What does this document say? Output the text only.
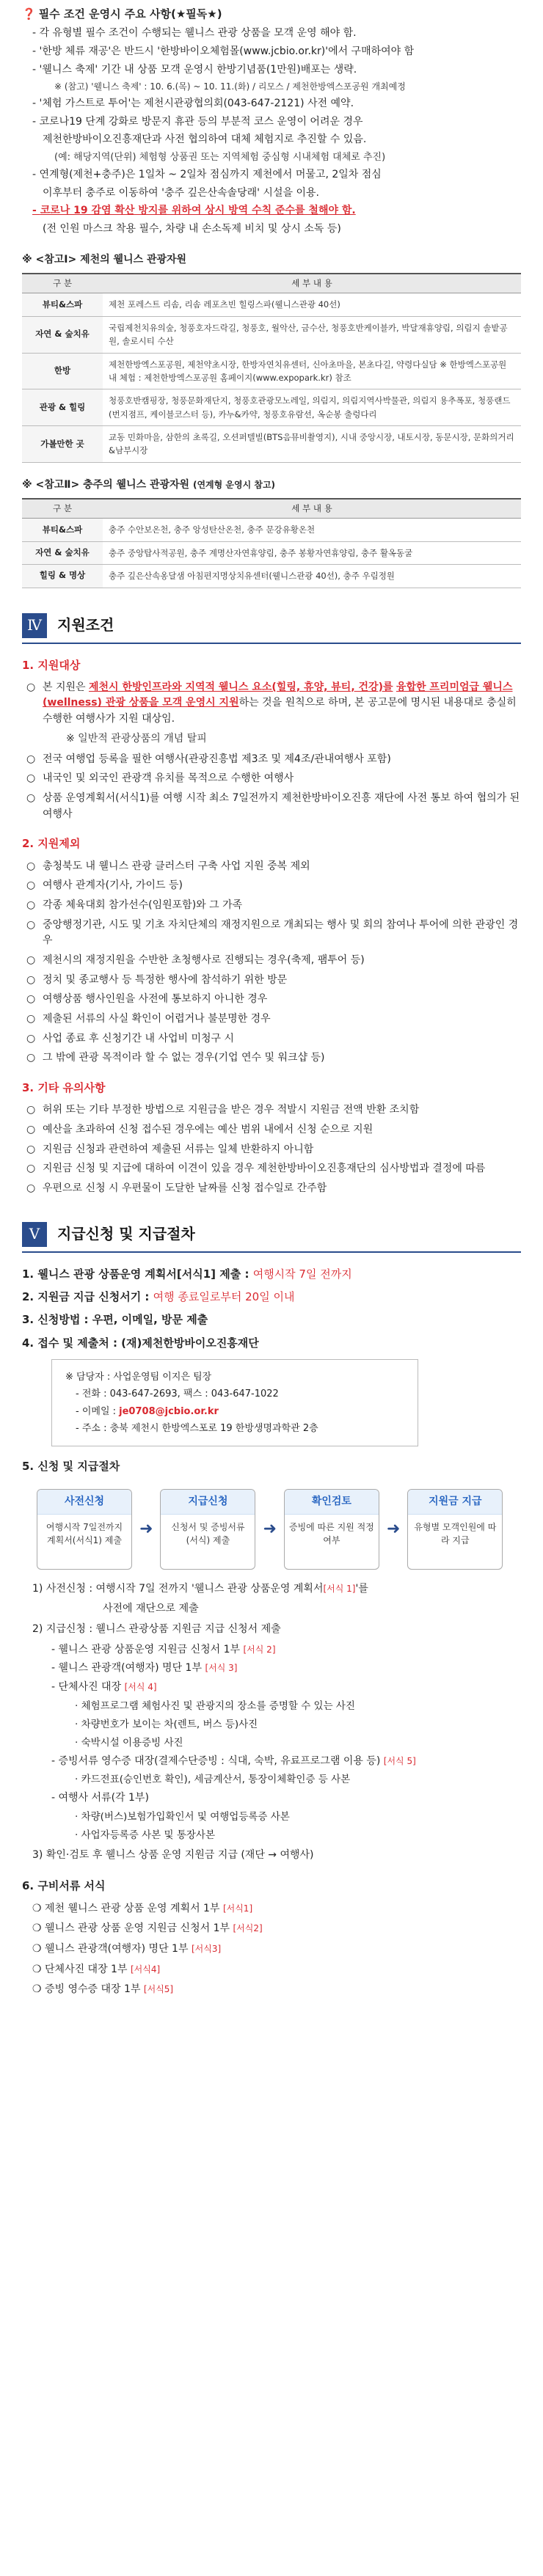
❓ 필수 조건 운영시 주요 사항(★필독★)
- 각 유형별 필수 조건이 수행되는 웰니스 관광 상품을 모객 운영 해야 함.
- '한방 체류 재공'은 반드시 '한방바이오체험몰(www.jcbio.or.kr)'에서 구매하여야 함
- '웰니스 축제' 기간 내 상품 모객 운영시 한방기념품(1만원)배포는 생략.
※ (참고) '웰니스 축제' : 10. 6.(목) ~ 10. 11.(화) / 리모스 / 제천한방엑스포공원 개최예정
- '체험 가스트로 투어'는 제천시관광협의회(043-647-2121) 사전 예약.
- 코로나19 단계 강화로 방문지 휴관 등의 부분적 코스 운영이 어려운 경우
제천한방바이오진흥재단과 사전 협의하여 대체 체험지로 추진할 수 있음.
(예: 해당지역(단위) 체험형 상품권 또는 지역체험 중심형 시내체험 대체로 추진)
- 연계형(제천+충주)은 1일차 ~ 2일차 점심까지 제천에서 머물고, 2일차 점심
이후부터 충주로 이동하여 '충주 깊은산속솔당래' 시설을 이용.
- 코로나 19 감염 확산 방지를 위하여 상시 방역 수칙 준수를 철해야 함.
(전 인원 마스크 착용 필수, 차량 내 손소독제 비치 및 상시 소독 등)
※ <참고Ⅰ> 제천의 웰니스 관광자원
구 분	세 부 내 용
뷰티&스파	제천 포레스트 리솜, 리솜 레포츠빈 힐링스파(웰니스관광 40선)
자연 & 숲치유	국립제천치유의숲, 청풍호자드락길, 청풍호, 월악산, 금수산, 청풍호반케이블카, 박달재휴양림, 의림지 솔밭공원, 솔로시티 수산
한방	제천한방엑스포공원, 제천약초시장, 한방자연치유센터, 신아초마을, 본초다길, 약령다실담 ※ 한방엑스포공원 내 체험 : 제천한방엑스포공원 홈페이지(www.expopark.kr) 참조
관광 & 힐링	청풍호반캠핑장, 청풍문화재단지, 청풍호관광모노레일, 의림지, 의림지역사박물관, 의림지 용추폭포, 청풍랜드(번지점프, 케이블코스터 등), 카누&카약, 청풍호유람선, 옥순봉 출렁다리
가볼만한 곳	교동 민화마을, 삼한의 초록길, 오션퍼텔빌(BTS음뮤비촬영지), 시내 중앙시장, 내토시장, 동문시장, 문화의거리&남부시장
※ <참고Ⅱ> 충주의 웰니스 관광자원 (연계형 운영시 참고)
구 분	세 부 내 용
뷰티&스파	충주 수안보온천, 충주 앙성탄산온천, 충주 문강유황온천
자연 & 숲치유	충주 중앙탑사적공원, 충주 계명산자연휴양림, 충주 봉황자연휴양림, 충주 활옥동굴
힐링 & 명상	충주 깊은산속옹달샘 아침편지명상치유센터(웰니스관광 40선), 충주 우림정원
Ⅳ	지원조건
1. 지원대상
○ 본 지원은 제천시 한방인프라와 지역적 웰니스 요소(힐링, 휴양, 뷰티, 건강)를 융합한 프리미엄급 웰니스(wellness) 관광 상품을 모객 운영시 지원하는 것을 원칙으로 하며, 본 공고문에 명시된 내용대로 충실히 수행한 여행사가 지원 대상임.
※ 일반적 관광상품의 개념 탈피
○ 전국 여행업 등록을 필한 여행사(관광진흥법 제3조 및 제4조/관내여행사 포함)
○ 내국인 및 외국인 관광객 유치를 목적으로 수행한 여행사
○ 상품 운영계획서(서식1)를 여행 시작 최소 7일전까지 제천한방바이오진흥 재단에 사전 통보 하여 협의가 된 여행사
2. 지원제외
○ 총청북도 내 웰니스 관광 클러스터 구축 사업 지원 중복 제외
○ 여행사 관계자(기사, 가이드 등)
○ 각종 체육대회 참가선수(임원포함)와 그 가족
○ 중앙행정기관, 시도 및 기초 자치단체의 재정지원으로 개최되는 행사 및 회의 참여나 투어에 의한 관광인 경우
○ 제천시의 재정지원을 수반한 초청행사로 진행되는 경우(축제, 팸투어 등)
○ 정치 및 종교행사 등 특정한 행사에 참석하기 위한 방문
○ 여행상품 행사인원을 사전에 통보하지 아니한 경우
○ 제출된 서류의 사실 확인이 어렵거나 불분명한 경우
○ 사업 종료 후 신청기간 내 사업비 미청구 시
○ 그 밖에 관광 목적이라 할 수 없는 경우(기업 연수 및 워크샵 등)
3. 기타 유의사항
○ 허위 또는 기타 부정한 방법으로 지원금을 받은 경우 적발시 지원금 전액 반환 조치함
○ 예산을 초과하여 신청 접수된 경우에는 예산 범위 내에서 신청 순으로 지원
○ 지원금 신청과 관련하여 제출된 서류는 일체 반환하지 아니함
○ 지원금 신청 및 지급에 대하여 이견이 있을 경우 제천한방바이오진흥재단의 심사방법과 결정에 따름
○ 우편으로 신청 시 우편물이 도달한 날짜를 신청 접수일로 간주함
Ⅴ	지급신청 및 지급절차
1. 웰니스 관광 상품운영 계획서[서식1] 제출 : 여행시작 7일 전까지
2. 지원금 지급 신청서기 : 여행 종료일로부터 20일 이내
3. 신청방법 : 우편, 이메일, 방문 제출
4. 접수 및 제출처 : (재)제천한방바이오진흥재단
※ 담당자 : 사업운영팀 이지은 팀장
- 전화 : 043-647-2693, 팩스 : 043-647-1022
- 이메일 : je0708@jcbio.or.kr
- 주소 : 충북 제천시 한방엑스포로 19 한방생명과학관 2층
5. 신청 및 지급절차
사전신청
여행시작 7일전까지 계획서(서식1) 제출
➜
지급신청
신청서 및 증빙서류(서식) 제출
➜
확인검토
증빙에 따른 지원 적정 여부
➜
지원금 지급
유형별 모객인원에 따라 지급
1) 사전신청 : 여행시작 7일 전까지 '웰니스 관광 상품운영 계획서[서식 1]'를
사전에 재단으로 제출
2) 지급신청 : 웰니스 관광상품 지원금 지급 신청서 제출
- 웰니스 관광 상품운영 지원금 신청서 1부 [서식 2]
- 웰니스 관광객(여행자) 명단 1부 [서식 3]
- 단체사진 대장 [서식 4]
· 체험프로그램 체험사진 및 관광지의 장소를 증명할 수 있는 사진
· 차량번호가 보이는 차(렌트, 버스 등)사진
· 숙박시설 이용증빙 사진
- 증빙서류 영수증 대장(결제수단증빙 : 식대, 숙박, 유료프로그램 이용 등) [서식 5]
· 카드전표(승인번호 확인), 세금계산서, 통장이체확인증 등 사본
- 여행사 서류(각 1부)
· 차량(버스)보험가입확인서 및 여행업등록증 사본
· 사업자등록증 사본 및 통장사본
3) 확인·검토 후 웰니스 상품 운영 지원금 지급 (재단 → 여행사)
6. 구비서류 서식
❍ 제천 웰니스 관광 상품 운영 계획서 1부 [서식1]
❍ 웰니스 관광 상품 운영 지원금 신청서 1부 [서식2]
❍ 웰니스 관광객(여행자) 명단 1부 [서식3]
❍ 단체사진 대장 1부 [서식4]
❍ 증빙 영수증 대장 1부 [서식5]
